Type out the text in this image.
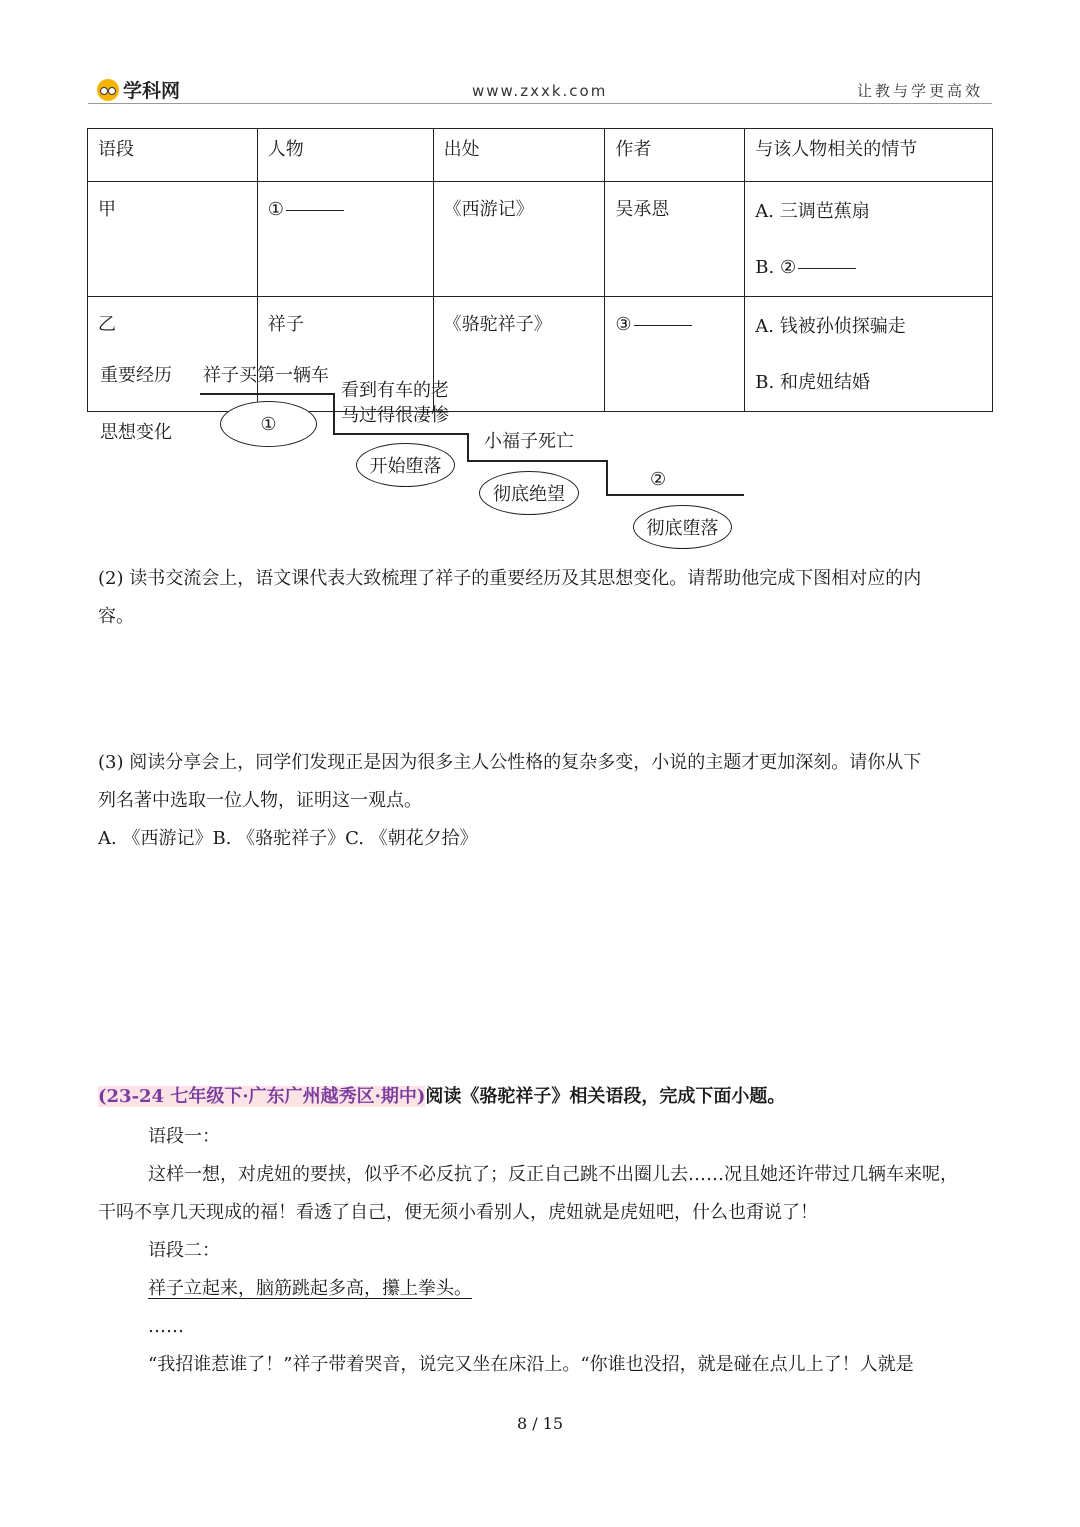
学科网	www.zxxk.com	让教与学更高效
语段	人物	出处	作者	与该人物相关的情节
甲	①	《西游记》	吴承恩	A. 三调芭蕉扇
B. ②

乙	祥子	《骆驼祥子》	③	A. 钱被孙侦探骗走
B. 和虎妞结婚
重要经历
思想变化
祥子买第一辆车
看到有车的老
马过得很凄惨
小福子死亡
②
①
开始堕落
彻底绝望
彻底堕落
(2) 读书交流会上，语文课代表大致梳理了祥子的重要经历及其思想变化。请帮助他完成下图相对应的内
容。
(3) 阅读分享会上，同学们发现正是因为很多主人公性格的复杂多变，小说的主题才更加深刻。请你从下
列名著中选取一位人物，证明这一观点。
A. 《西游记》B. 《骆驼祥子》C. 《朝花夕拾》
(23-24 七年级下·广东广州越秀区·期中)阅读《骆驼祥子》相关语段，完成下面小题。
语段一：
这样一想，对虎妞的要挟，似乎不必反抗了；反正自己跳不出圈儿去……况且她还许带过几辆车来呢，
干吗不享几天现成的福！看透了自己，便无须小看别人，虎妞就是虎妞吧，什么也甭说了！
语段二：
祥子立起来，脑筋跳起多高，攥上拳头。
……
“我招谁惹谁了！”祥子带着哭音，说完又坐在床沿上。“你谁也没招，就是碰在点儿上了！人就是
8 / 15
